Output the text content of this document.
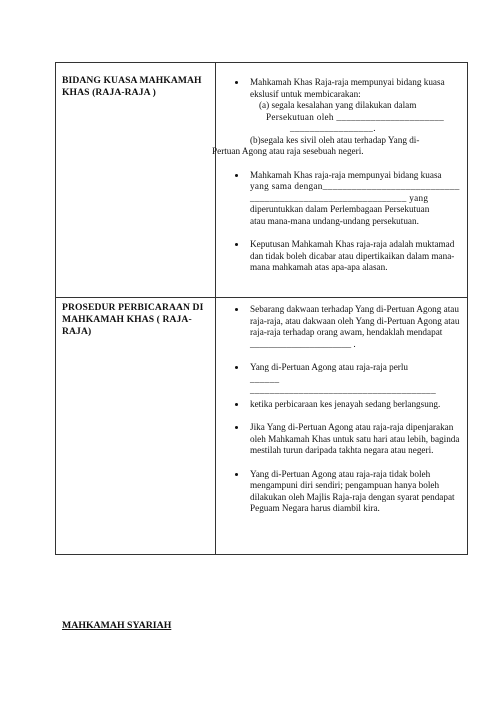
BIDANG KUASA MAHKAMAH KHAS (RAJA-RAJA )
Mahkamah Khas Raja-raja mempunyai bidang kuasa ekslusif untuk membicarakan:
(a) segala kesalahan yang dilakukan dalam
Persekutuan oleh ______________________
_________________.
(b)segala kes sivil oleh atau terhadap Yang di-
Pertuan Agong atau raja sesebuah negeri.
Mahkamah Khas raja-raja mempunyai bidang kuasa
yang sama dengan____________________________
________________________________ yang
diperuntukkan dalam Perlembagaan Persekutuan
atau mana-mana undang-undang persekutuan.
Keputusan Mahkamah Khas raja-raja adalah muktamad dan tidak boleh dicabar atau dipertikaikan dalam mana-mana mahkamah atas apa-apa alasan.
PROSEDUR PERBICARAAN DI MAHKAMAH KHAS ( RAJA-RAJA)
Sebarang dakwaan terhadap Yang di-Pertuan Agong atau raja-raja, atau dakwaan oleh Yang di-Pertuan Agong atau raja-raja terhadap orang awam, hendaklah mendapat ______________________ .
Yang di-Pertuan Agong atau raja-raja perlu
______
______________________________________
ketika perbicaraan kes jenayah sedang berlangsung.
Jika Yang di-Pertuan Agong atau raja-raja dipenjarakan oleh Mahkamah Khas untuk satu hari atau lebih, baginda mestilah turun daripada takhta negara atau negeri.
Yang di-Pertuan Agong atau raja-raja tidak boleh mengampuni diri sendiri; pengampuan hanya boleh dilakukan oleh Majlis Raja-raja dengan syarat pendapat Peguam Negara harus diambil kira.
MAHKAMAH SYARIAH
